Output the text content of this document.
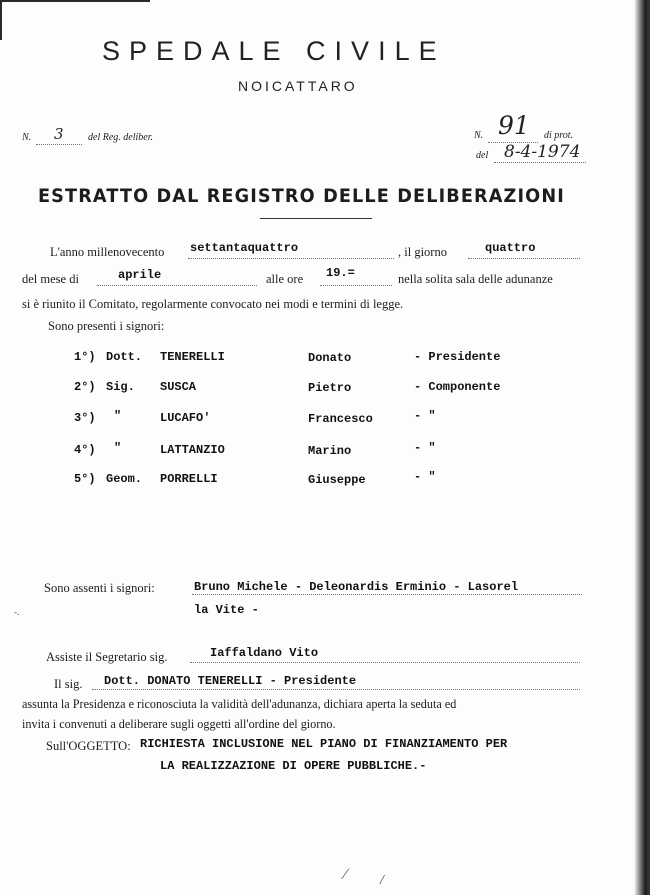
SPEDALE CIVILE
NOICATTARO
N. 3 del Reg. deliber.	N. 91 di prot.
del 8-4-1974
ESTRATTO DAL REGISTRO DELLE DELIBERAZIONI
L'anno millenovecento settantaquattro	, il giorno	quattro
del mese di	aprile	alle ore 19.=	nella solita sala delle adunanze
si è riunito il Comitato, regolarmente convocato nei modi e termini di legge.
Sono presenti i signori:
1°) Dott. TENERELLI	Donato	- Presidente
2°) Sig. SUSCA	Pietro	- Componente
3°) "	LUCAFO'	Francesco	- "
4°) "	LATTANZIO	Marino	- "
5°) Geom. PORRELLI	Giuseppe	- "
Sono assenti i signori:	Bruno Michele - Deleonardis Erminio - Lasorel
la Vite -
Assiste il Segretario sig.	Iaffaldano Vito
Il sig. Dott. DONATO TENERELLI - Presidente
assunta la Presidenza e riconosciuta la validità dell'adunanza, dichiara aperta la seduta ed
invita i convenuti a deliberare sugli oggetti all'ordine del giorno.
Sull'OGGETTO: RICHIESTA INCLUSIONE NEL PIANO DI FINANZIAMENTO PER
LA REALIZZAZIONE DI OPERE PUBBLICHE.-
⁄ /
-.
